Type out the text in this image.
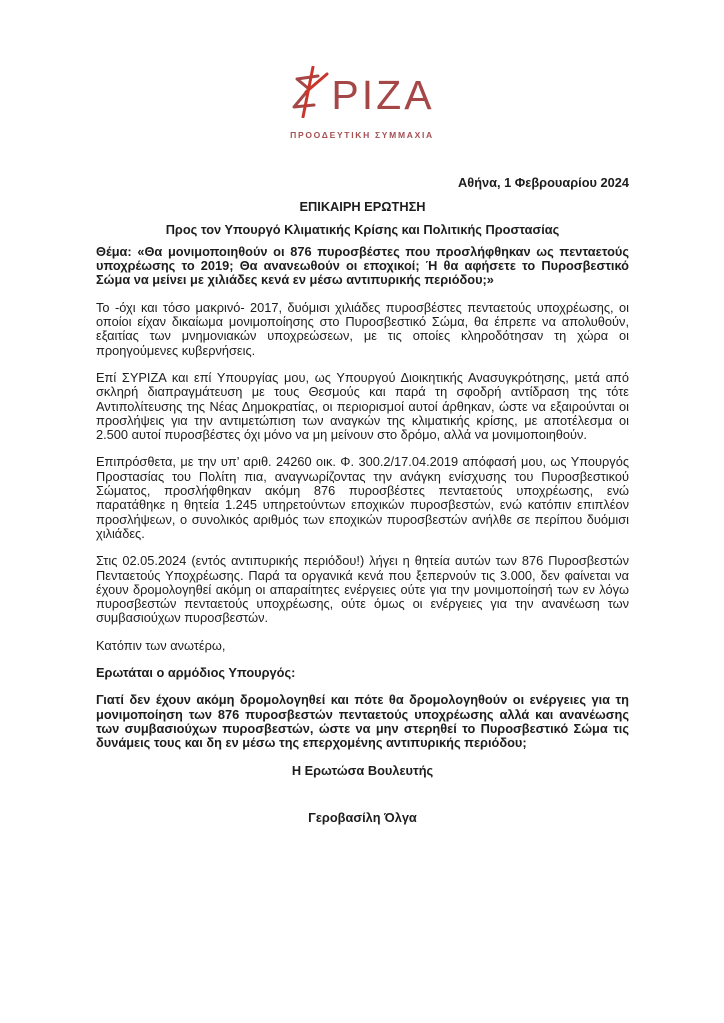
ΡΙΖΑ
ΠΡΟΟΔΕΥΤΙΚΗ ΣΥΜΜΑΧΙΑ

Αθήνα, 1 Φεβρουαρίου 2024

ΕΠΙΚΑΙΡΗ ΕΡΩΤΗΣΗ

Προς τον Υπουργό Κλιματικής Κρίσης και Πολιτικής Προστασίας

Θέμα: «Θα μονιμοποιηθούν οι 876 πυροσβέστες που προσλήφθηκαν ως πενταετούς υποχρέωσης το 2019; Θα ανανεωθούν οι εποχικοί; Ή θα αφήσετε το Πυροσβεστικό Σώμα να μείνει με χιλιάδες κενά εν μέσω αντιπυρικής περιόδου;»

Το -όχι και τόσο μακρινό- 2017, δυόμισι χιλιάδες πυροσβέστες πενταετούς υποχρέωσης, οι οποίοι είχαν δικαίωμα μονιμοποίησης στο Πυροσβεστικό Σώμα, θα έπρεπε να απολυθούν, εξαιτίας των μνημονιακών υποχρεώσεων, με τις οποίες κληροδότησαν τη χώρα οι προηγούμενες κυβερνήσεις.

Επί ΣΥΡΙΖΑ και επί Υπουργίας μου, ως Υπουργού Διοικητικής Ανασυγκρότησης, μετά από σκληρή διαπραγμάτευση με τους Θεσμούς και παρά τη σφοδρή αντίδραση της τότε Αντιπολίτευσης της Νέας Δημοκρατίας, οι περιορισμοί αυτοί άρθηκαν, ώστε να εξαιρούνται οι προσλήψεις για την αντιμετώπιση των αναγκών της κλιματικής κρίσης, με αποτέλεσμα οι 2.500 αυτοί πυροσβέστες όχι μόνο να μη μείνουν στο δρόμο, αλλά να μονιμοποιηθούν.

Επιπρόσθετα, με την υπ’ αριθ. 24260 οικ. Φ. 300.2/17.04.2019 απόφασή μου, ως Υπουργός Προστασίας του Πολίτη πια, αναγνωρίζοντας την ανάγκη ενίσχυσης του Πυροσβεστικού Σώματος, προσλήφθηκαν ακόμη 876 πυροσβέστες πενταετούς υποχρέωσης, ενώ παρατάθηκε η θητεία 1.245 υπηρετούντων εποχικών πυροσβεστών, ενώ κατόπιν επιπλέον προσλήψεων, ο συνολικός αριθμός των εποχικών πυροσβεστών ανήλθε σε περίπου δυόμισι χιλιάδες.

Στις 02.05.2024 (εντός αντιπυρικής περιόδου!) λήγει η θητεία αυτών των 876 Πυροσβεστών Πενταετούς Υποχρέωσης. Παρά τα οργανικά κενά που ξεπερνούν τις 3.000, δεν φαίνεται να έχουν δρομολογηθεί ακόμη οι απαραίτητες ενέργειες ούτε για την μονιμοποίησή των εν λόγω πυροσβεστών πενταετούς υποχρέωσης, ούτε όμως οι ενέργειες για την ανανέωση των συμβασιούχων πυροσβεστών.

Κατόπιν των ανωτέρω,

Ερωτάται ο αρμόδιος Υπουργός:

Γιατί δεν έχουν ακόμη δρομολογηθεί και πότε θα δρομολογηθούν οι ενέργειες για τη μονιμοποίηση των 876 πυροσβεστών πενταετούς υποχρέωσης αλλά και ανανέωσης των συμβασιούχων πυροσβεστών, ώστε να μην στερηθεί το Πυροσβεστικό Σώμα τις δυνάμεις τους και δη εν μέσω της επερχομένης αντιπυρικής περιόδου;

Η Ερωτώσα Βουλευτής

Γεροβασίλη Όλγα
